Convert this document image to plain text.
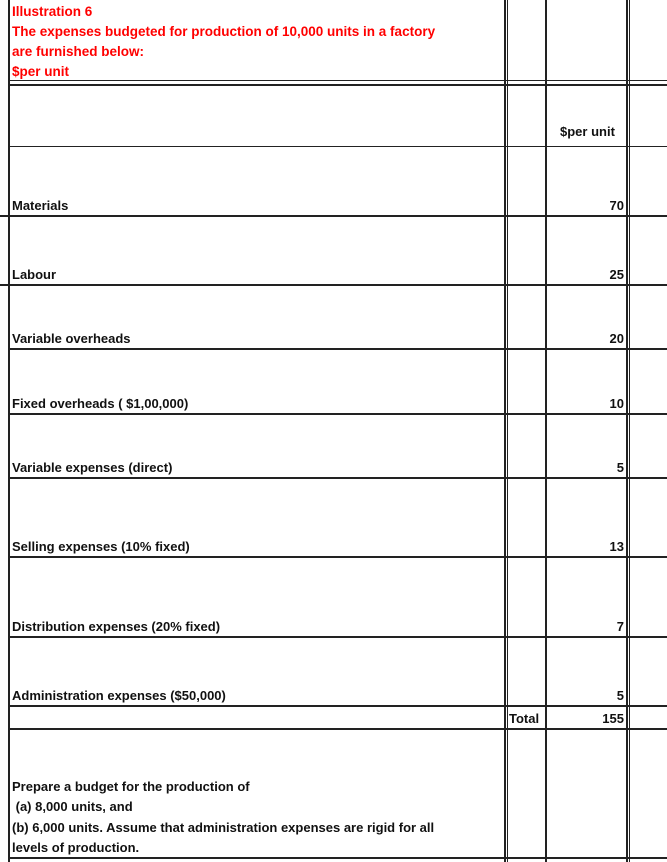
Illustration 6
The expenses budgeted for production of 10,000 units in a factory
are furnished below:
$per unit
$per unit
Materials	70
Labour	25
Variable overheads	20
Fixed overheads ( $1,00,000)	10
Variable expenses (direct)	5
Selling expenses (10% fixed)	13
Distribution expenses (20% fixed)	7
Administration expenses ($50,000)	5
Total	155
Prepare a budget for the production of
(a) 8,000 units, and
(b) 6,000 units. Assume that administration expenses are rigid for all
levels of production.
